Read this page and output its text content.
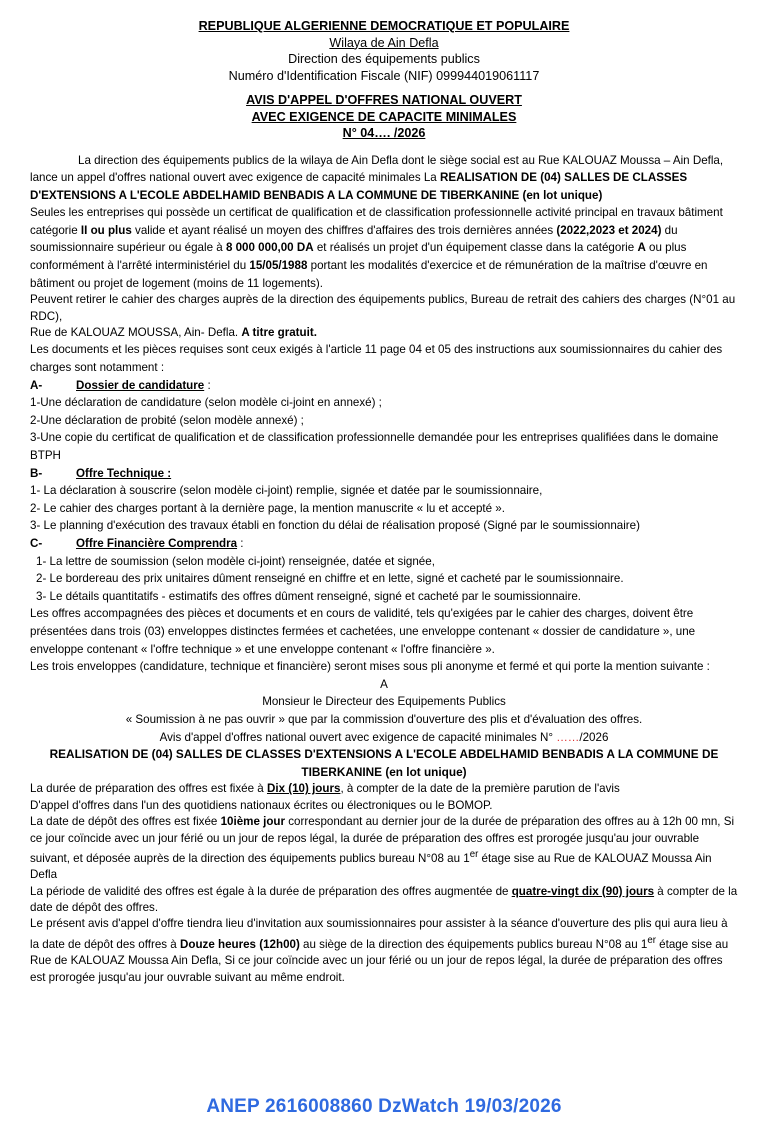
REPUBLIQUE ALGERIENNE DEMOCRATIQUE ET POPULAIRE
Wilaya de Ain Defla
Direction des équipements publics
Numéro d'Identification Fiscale (NIF) 099944019061117
AVIS D'APPEL D'OFFRES NATIONAL OUVERT
AVEC EXIGENCE DE CAPACITE MINIMALES
N° 04…. /2026

La direction des équipements publics de la wilaya de Ain Defla dont le siège social est au Rue KALOUAZ Moussa – Ain Defla, lance un appel d'offres national ouvert avec exigence de capacité minimales La REALISATION DE (04) SALLES DE CLASSES D'EXTENSIONS A L'ECOLE ABDELHAMID BENBADIS A LA COMMUNE DE TIBERKANINE (en lot unique)

Seules les entreprises qui possède un certificat de qualification et de classification professionnelle activité principal en travaux bâtiment catégorie II ou plus valide et ayant réalisé un moyen des chiffres d'affaires des trois dernières années (2022,2023 et 2024) du soumissionnaire supérieur ou égale à 8 000 000,00 DA et réalisés un projet d'un équipement classe dans la catégorie A ou plus conformément à l'arrêté interministériel du 15/05/1988 portant les modalités d'exercice et de rémunération de la maîtrise d'œuvre en bâtiment ou projet de logement (moins de 11 logements).

Peuvent retirer le cahier des charges auprès de la direction des équipements publics, Bureau de retrait des cahiers des charges (N°01 au RDC),

Rue de KALOUAZ MOUSSA, Ain- Defla. A titre gratuit.

Les documents et les pièces requises sont ceux exigés à l'article 11 page 04 et 05 des instructions aux soumissionnaires du cahier des charges sont notamment :

A-	Dossier de candidature :

1-Une déclaration de candidature (selon modèle ci-joint en annexé) ;

2-Une déclaration de probité (selon modèle annexé) ;

3-Une copie du certificat de qualification et de classification professionnelle demandée pour les entreprises qualifiées dans le domaine BTPH

B-	Offre Technique :

1- La déclaration à souscrire (selon modèle ci-joint) remplie, signée et datée par le soumissionnaire,

2- Le cahier des charges portant à la dernière page, la mention manuscrite « lu et accepté ».

3- Le planning d'exécution des travaux établi en fonction du délai de réalisation proposé (Signé par le soumissionnaire)

C-	Offre Financière Comprendra :

1- La lettre de soumission (selon modèle ci-joint) renseignée, datée et signée,

2- Le bordereau des prix unitaires dûment renseigné en chiffre et en lette, signé et cacheté par le soumissionnaire.

3- Le détails quantitatifs - estimatifs des offres dûment renseigné, signé et cacheté par le soumissionnaire.

Les offres accompagnées des pièces et documents et en cours de validité, tels qu'exigées par le cahier des charges, doivent être présentées dans trois (03) enveloppes distinctes fermées et cachetées, une enveloppe contenant « dossier de candidature », une enveloppe contenant « l'offre technique » et une enveloppe contenant « l'offre financière ».

Les trois enveloppes (candidature, technique et financière) seront mises sous pli anonyme et fermé et qui porte la mention suivante :

A

Monsieur le Directeur des Equipements Publics

« Soumission à ne pas ouvrir » que par la commission d'ouverture des plis et d'évaluation des offres.

Avis d'appel d'offres national ouvert avec exigence de capacité minimales N° ……/2026

REALISATION DE (04) SALLES DE CLASSES D'EXTENSIONS A L'ECOLE ABDELHAMID BENBADIS A LA COMMUNE DE

TIBERKANINE (en lot unique)

La durée de préparation des offres est fixée à Dix (10) jours, à compter de la date de la première parution de l'avis

D'appel d'offres dans l'un des quotidiens nationaux écrites ou électroniques ou le BOMOP.

La date de dépôt des offres est fixée 10ième jour correspondant au dernier jour de la durée de préparation des offres au à 12h 00 mn, Si ce jour coïncide avec un jour férié ou un jour de repos légal, la durée de préparation des offres est prorogée jusqu'au jour ouvrable suivant, et déposée auprès de la direction des équipements publics bureau N°08 au 1er étage sise au Rue de KALOUAZ Moussa Ain Defla

La période de validité des offres est égale à la durée de préparation des offres augmentée de quatre-vingt dix (90) jours à compter de la date de dépôt des offres.

Le présent avis d'appel d'offre tiendra lieu d'invitation aux soumissionnaires pour assister à la séance d'ouverture des plis qui aura lieu à la date de dépôt des offres à Douze heures (12h00) au siège de la direction des équipements publics bureau N°08 au 1er étage sise au Rue de KALOUAZ Moussa Ain Defla, Si ce jour coïncide avec un jour férié ou un jour de repos légal, la durée de préparation des offres est prorogée jusqu'au jour ouvrable suivant au même endroit.

ANEP 2616008860 DzWatch 19/03/2026
